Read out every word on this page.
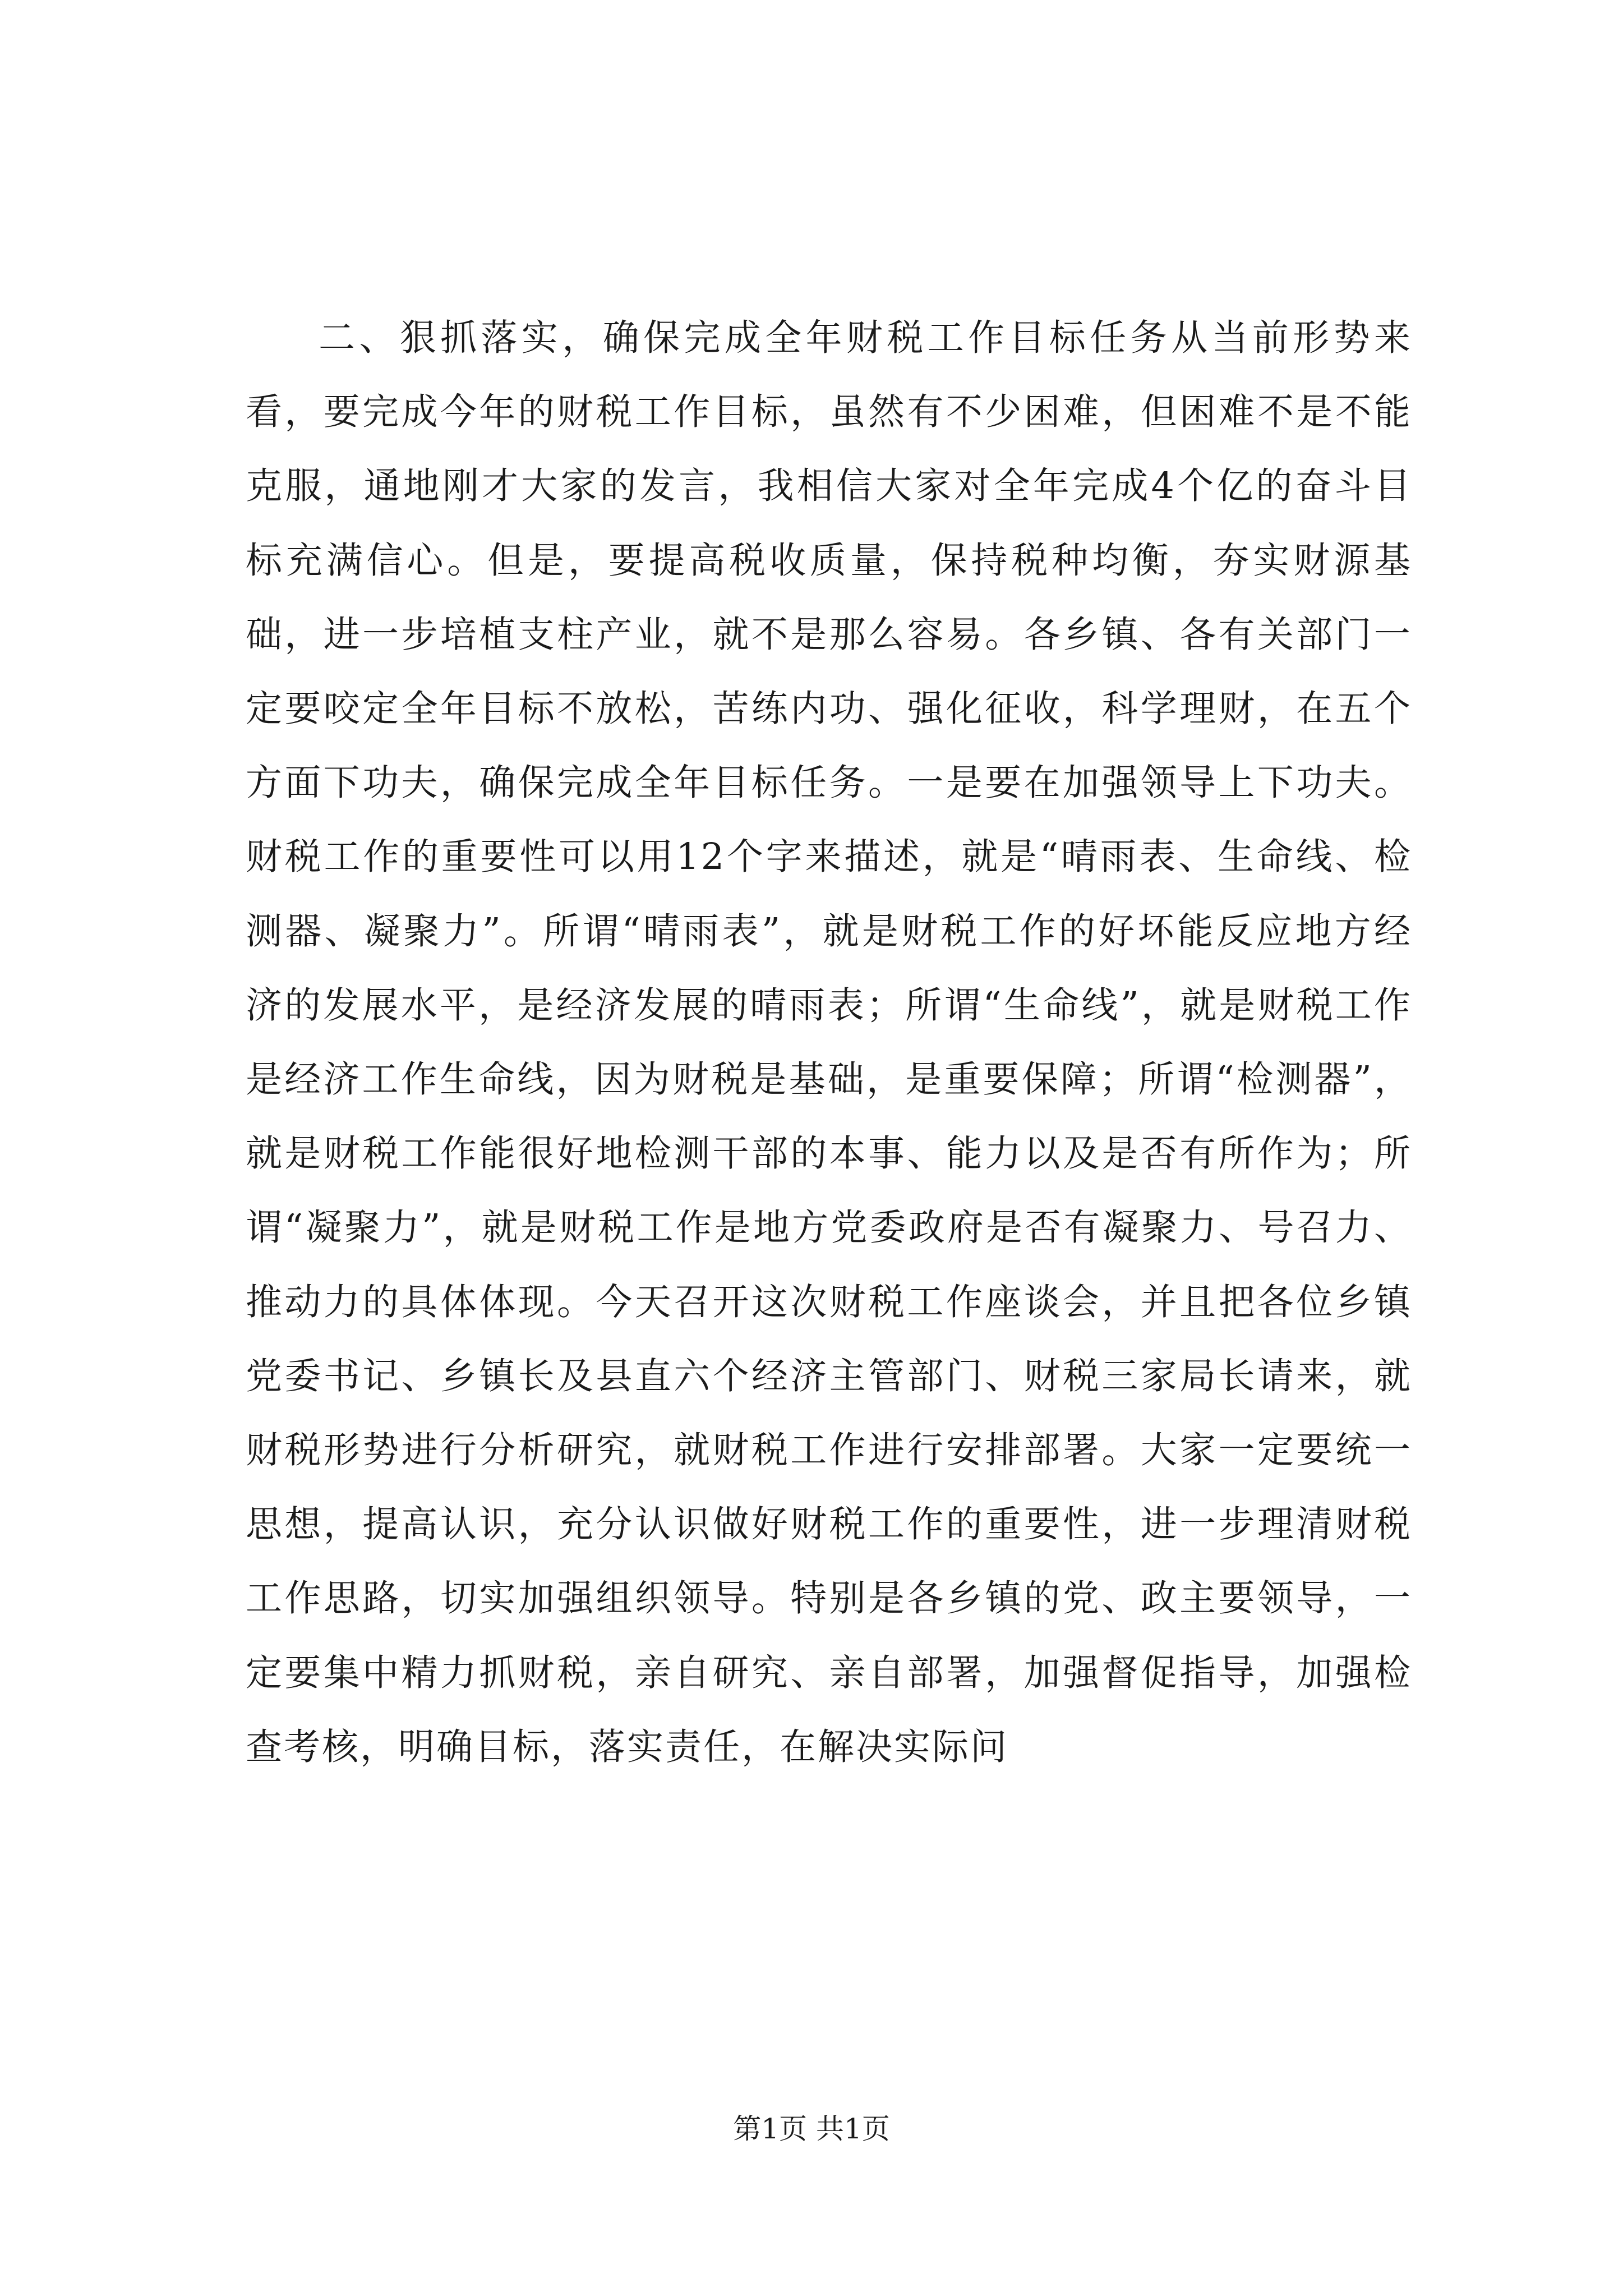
二、狠抓落实，确保完成全年财税工作目标任务从当前形势来看，要完成今年的财税工作目标，虽然有不少困难，但困难不是不能克服，通地刚才大家的发言，我相信大家对全年完成4个亿的奋斗目标充满信心。但是，要提高税收质量，保持税种均衡，夯实财源基础，进一步培植支柱产业，就不是那么容易。各乡镇、各有关部门一定要咬定全年目标不放松，苦练内功、强化征收，科学理财，在五个方面下功夫，确保完成全年目标任务。一是要在加强领导上下功夫。财税工作的重要性可以用12个字来描述，就是“晴雨表、生命线、检测器、凝聚力”。所谓“晴雨表”，就是财税工作的好坏能反应地方经济的发展水平，是经济发展的晴雨表；所谓“生命线”，就是财税工作是经济工作生命线，因为财税是基础，是重要保障；所谓“检测器”，就是财税工作能很好地检测干部的本事、能力以及是否有所作为；所谓“凝聚力”，就是财税工作是地方党委政府是否有凝聚力、号召力、推动力的具体体现。今天召开这次财税工作座谈会，并且把各位乡镇党委书记、乡镇长及县直六个经济主管部门、财税三家局长请来，就财税形势进行分析研究，就财税工作进行安排部署。大家一定要统一思想，提高认识，充分认识做好财税工作的重要性，进一步理清财税工作思路，切实加强组织领导。特别是各乡镇的党、政主要领导，一定要集中精力抓财税，亲自研究、亲自部署，加强督促指导，加强检查考核，明确目标，落实责任，在解决实际问

第1页 共1页
